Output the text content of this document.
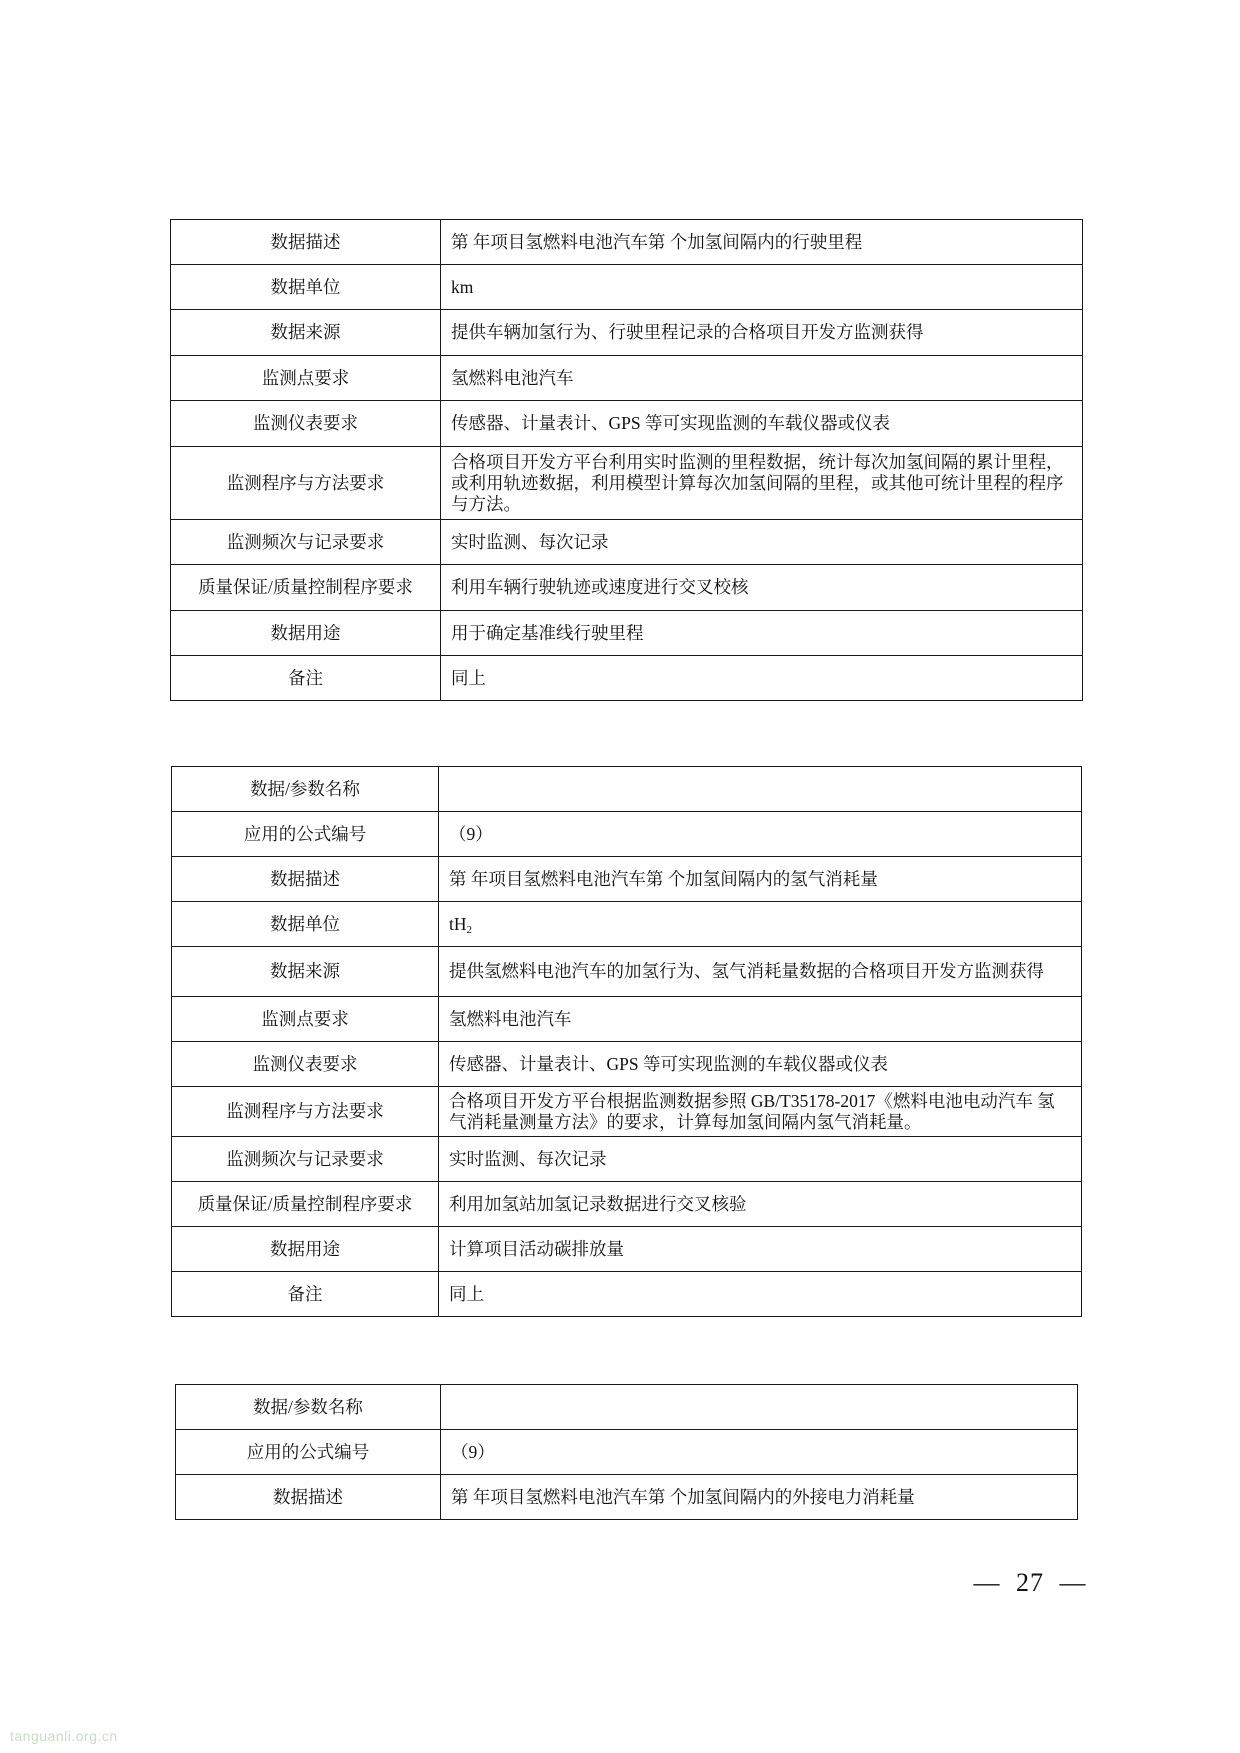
数据描述	第 年项目氢燃料电池汽车第 个加氢间隔内的行驶里程
数据单位	km
数据来源	提供车辆加氢行为、行驶里程记录的合格项目开发方监测获得
监测点要求	氢燃料电池汽车
监测仪表要求	传感器、计量表计、GPS 等可实现监测的车载仪器或仪表
监测程序与方法要求	合格项目开发方平台利用实时监测的里程数据，统计每次加氢间隔的累计里程，或利用轨迹数据，利用模型计算每次加氢间隔的里程，或其他可统计里程的程序与方法。
监测频次与记录要求	实时监测、每次记录
质量保证/质量控制程序要求	利用车辆行驶轨迹或速度进行交叉校核
数据用途	用于确定基准线行驶里程
备注	同上
数据/参数名称	
应用的公式编号	（9）
数据描述	第 年项目氢燃料电池汽车第 个加氢间隔内的氢气消耗量
数据单位	$tH_2$
数据来源	提供氢燃料电池汽车的加氢行为、氢气消耗量数据的合格项目开发方监测获得
监测点要求	氢燃料电池汽车
监测仪表要求	传感器、计量表计、GPS 等可实现监测的车载仪器或仪表
监测程序与方法要求	合格项目开发方平台根据监测数据参照 GB/T35178-2017《燃料电池电动汽车 氢气消耗量测量方法》的要求，计算每加氢间隔内氢气消耗量。
监测频次与记录要求	实时监测、每次记录
质量保证/质量控制程序要求	利用加氢站加氢记录数据进行交叉核验
数据用途	计算项目活动碳排放量
备注	同上
数据/参数名称	
应用的公式编号	（9）
数据描述	第 年项目氢燃料电池汽车第 个加氢间隔内的外接电力消耗量
— 27 —
tanguanli.org.cn
